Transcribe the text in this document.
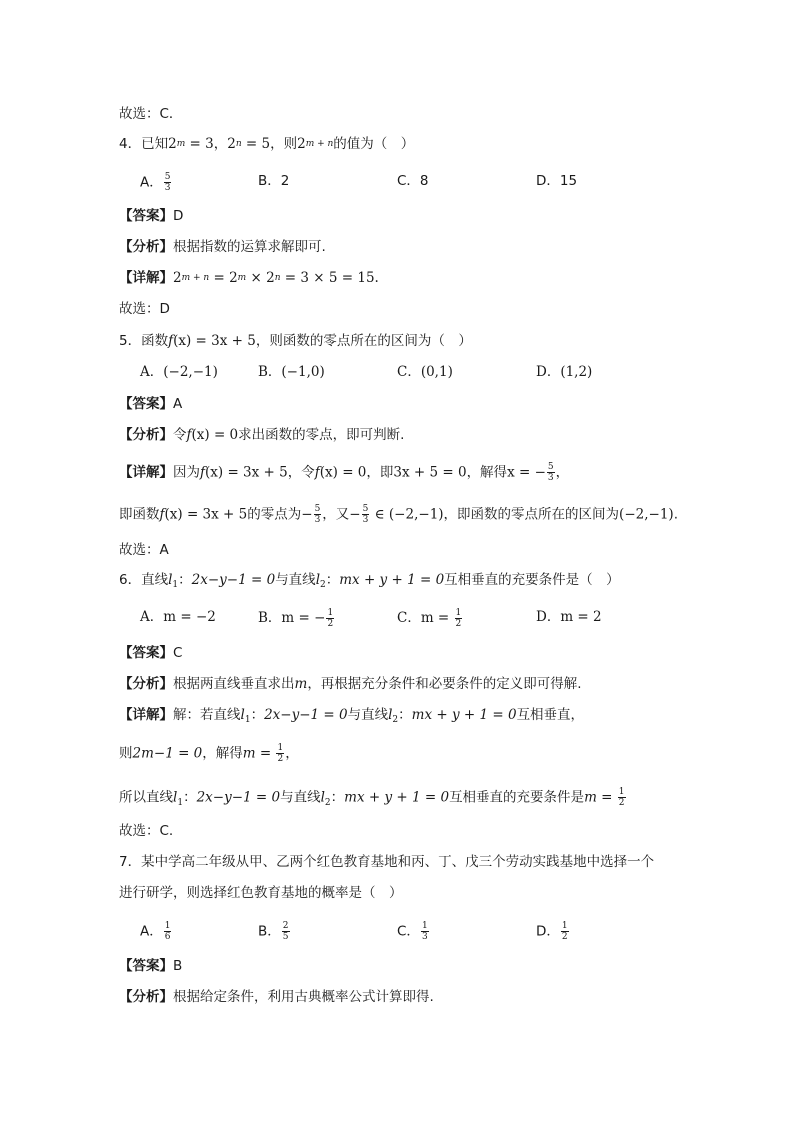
故选：C．
4．已知$2^m = 3$，$2^n = 5$，则$2^{m + n}$的值为（　）
A． $\frac{5}{3}$	B．2	C．8	D．15
【答案】D
【分析】根据指数的运算求解即可.
【详解】$2^{m + n} = 2^m \times 2^n = 3 \times 5 = 15$.
故选：D
5．函数f(x) = 3x + 5，则函数的零点所在的区间为（　）
A．(−2,−1)	B．(−1,0)	C．(0,1)	D．(1,2)
【答案】A
【分析】令f(x) = 0求出函数的零点，即可判断.
【详解】因为f(x) = 3x + 5，令f(x) = 0，即3x + 5 = 0，解得x = − $\frac{5}{3}$ ，
即函数f(x) = 3x + 5的零点为− $\frac{5}{3}$ ，又− $\frac{5}{3}$ ∈ (−2,−1)，即函数的零点所在的区间为(−2,−1).
故选：A
6．直线$l_1$：2x−y−1 = 0与直线$l_2$：mx + y + 1 = 0互相垂直的充要条件是（　）
A．m = −2	B．m = − $\frac{1}{2}$	C．$m = \frac{1}{2}$	D．m = 2
【答案】C
【分析】根据两直线垂直求出m，再根据充分条件和必要条件的定义即可得解.
【详解】解：若直线$l_1$：2x−y−1 = 0与直线$l_2$：mx + y + 1 = 0互相垂直，
则2m−1 = 0，解得$m = \frac{1}{2}$ ，
所以直线$l_1$：2x−y−1 = 0与直线$l_2$：mx + y + 1 = 0互相垂直的充要条件是$m = \frac{1}{2}$
故选：C.
7．某中学高二年级从甲、乙两个红色教育基地和丙、丁、戊三个劳动实践基地中选择一个
进行研学，则选择红色教育基地的概率是（　）
A． $\frac{1}{6}$	B． $\frac{2}{5}$	C． $\frac{1}{3}$	D． $\frac{1}{2}$
【答案】B
【分析】根据给定条件，利用古典概率公式计算即得.
